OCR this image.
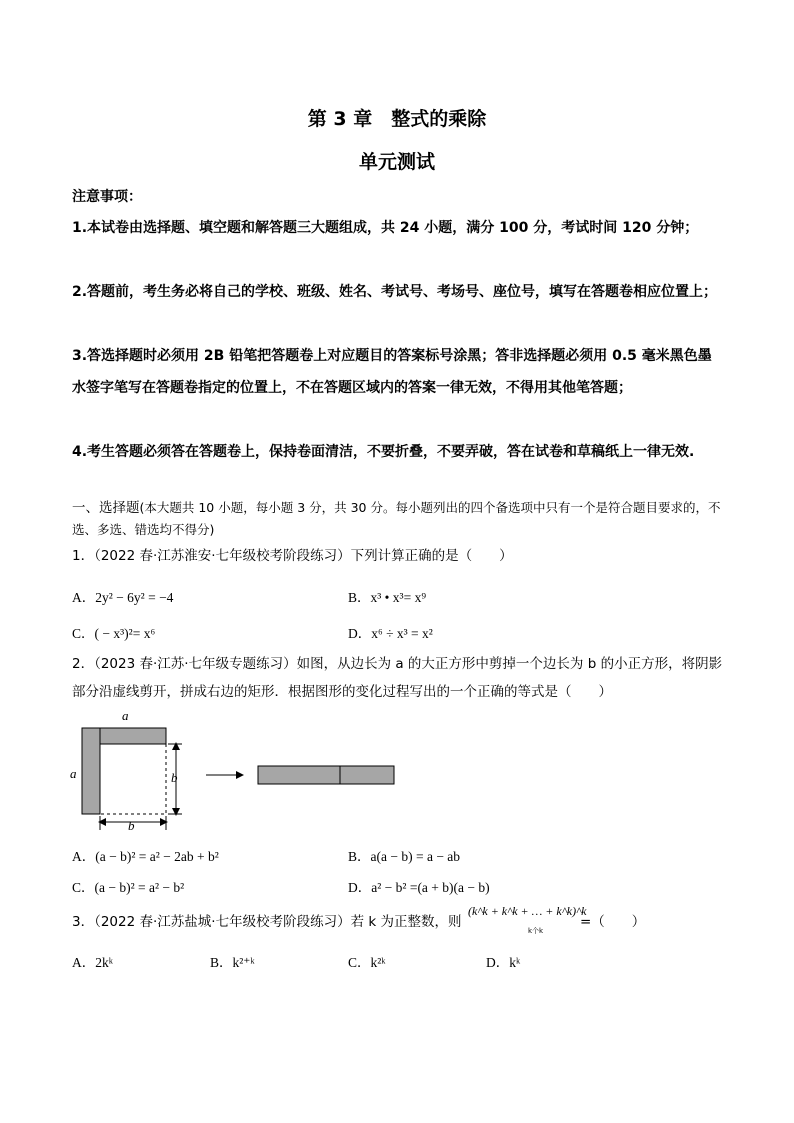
第 3 章　整式的乘除
单元测试
注意事项：
1.本试卷由选择题、填空题和解答题三大题组成，共 24 小题，满分 100 分，考试时间 120 分钟；
2.答题前，考生务必将自己的学校、班级、姓名、考试号、考场号、座位号，填写在答题卷相应位置上；
3.答选择题时必须用 2B 铅笔把答题卷上对应题目的答案标号涂黑；答非选择题必须用 0.5 毫米黑色墨水签字笔写在答题卷指定的位置上，不在答题区域内的答案一律无效，不得用其他笔答题；
4.考生答题必须答在答题卷上，保持卷面清洁，不要折叠，不要弄破，答在试卷和草稿纸上一律无效.
一、选择题(本大题共 10 小题，每小题 3 分，共 30 分。每小题列出的四个备选项中只有一个是符合题目要求的，不选、多选、错选均不得分)
1．（2022 春·江苏淮安·七年级校考阶段练习）下列计算正确的是（　　）
A．2y² − 6y² = −4	B．x³ • x³= x⁹
C．( − x³)²= x⁶	D．x⁶ ÷ x³ = x²
2．（2023 春·江苏·七年级专题练习）如图，从边长为 a 的大正方形中剪掉一个边长为 b 的小正方形，将阴影部分沿虚线剪开，拼成右边的矩形．根据图形的变化过程写出的一个正确的等式是（　　）
a
a	b
b
A．(a − b)² = a² − 2ab + b²	B．a(a − b) = a − ab
C．(a − b)² = a² − b²	D．a² − b² =(a + b)(a − b)
3．（2022 春·江苏盐城·七年级校考阶段练习）若 k 为正整数，则
(k^k + k^k + … + k^k)^k
k个k
=（　　）
A．2kᵏ	B．k²⁺ᵏ	C．k²ᵏ	D．kᵏ
